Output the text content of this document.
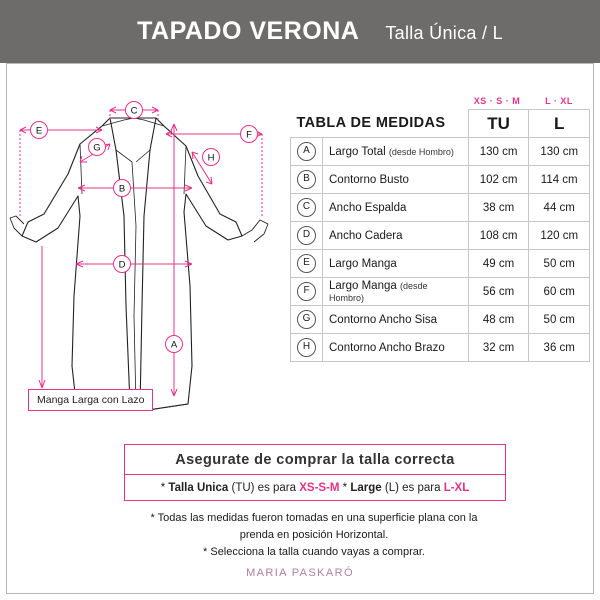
TAPADO VERONA Talla Única / L
C
E	F
G
H
B
D
A
Manga Larga con Lazo
XS · S · M	L · XL
TABLA DE MEDIDAS		TU	L
A	Largo Total (desde Hombro)	130 cm	130 cm
B	Contorno Busto	102 cm	114 cm
C	Ancho Espalda	38 cm	44 cm
D	Ancho Cadera	108 cm	120 cm
E	Largo Manga	49 cm	50 cm
F	Largo Manga (desde Hombro)	56 cm	60 cm
G	Contorno Ancho Sisa	48 cm	50 cm
H	Contorno Ancho Brazo	32 cm	36 cm
Asegurate de comprar la talla correcta
* Talla Unica (TU) es para XS-S-M * Large (L) es para L-XL
* Todas las medidas fueron tomadas en una superficie plana con la
prenda en posición Horizontal.
* Selecciona la talla cuando vayas a comprar.
MARIA PASKARÓ
